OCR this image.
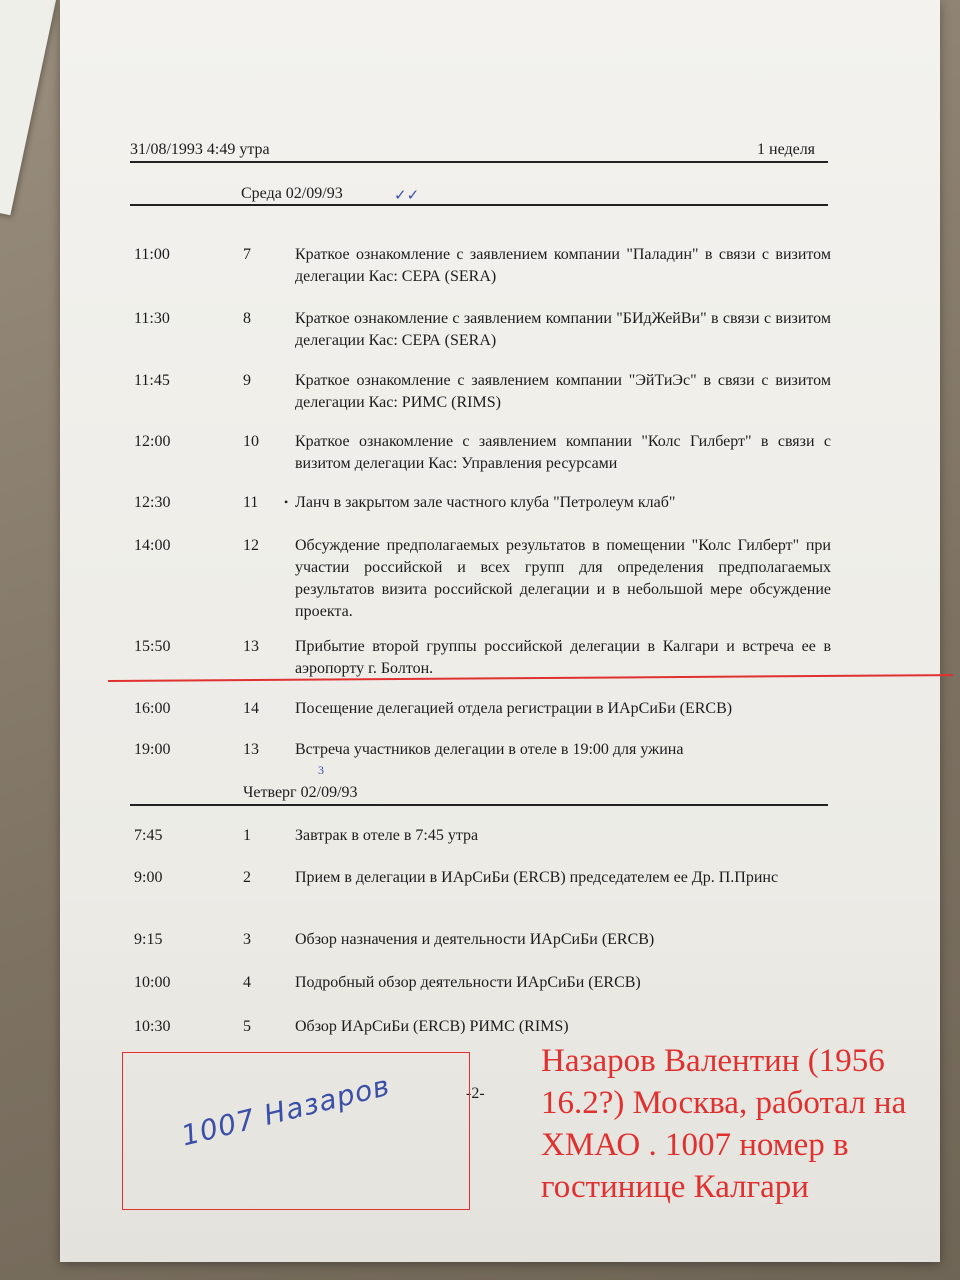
31/08/1993 4:49 утра	1 неделя
Среда 02/09/93	✓✓
11:00	7	Краткое ознакомление с заявлением компании "Паладин" в связи с визитом делегации Кас: СЕРА (SERA)
11:30	8	Краткое ознакомление с заявлением компании "БИдЖейВи" в связи с визитом делегации Кас: СЕРА (SERA)
11:45	9	Краткое ознакомление с заявлением компании "ЭйТиЭс" в связи с визитом делегации Кас: РИМС (RIMS)
12:00	10 Краткое ознакомление с заявлением компании "Колс Гилберт" в связи с визитом делегации Кас: Управления ресурсами
12:30	11 Ланч в закрытом зале частного клуба "Петролеум клаб"
•
14:00	12 Обсуждение предполагаемых результатов в помещении "Колс Гилберт" при участии российской и всех групп для определения предполагаемых результатов визита российской делегации и в небольшой мере обсуждение проекта.
15:50	13 Прибытие второй группы российской делегации в Калгари и встреча ее в аэропорту г. Болтон.
16:00	14 Посещение делегацией отдела регистрации в ИАрСиБи (ERCB)
19:00	13 Встреча участников делегации в отеле в 19:00 для ужина
3
Четверг 02/09/93
7:45	1	Завтрак в отеле в 7:45 утра
9:00	2	Прием в делегации в ИАрСиБи (ERCB) председателем ее Др. П.Принс
9:15	3	Обзор назначения и деятельности ИАрСиБи (ERCB)
10:00	4	Подробный обзор деятельности ИАрСиБи (ERCB)
10:30	5	Обзор ИАрСиБи (ERCB) РИМС (RIMS)
-2-
1007 Назаров
Назаров Валентин (1956 16.2?) Москва, работал на ХМАО . 1007 номер в гостинице Калгари
